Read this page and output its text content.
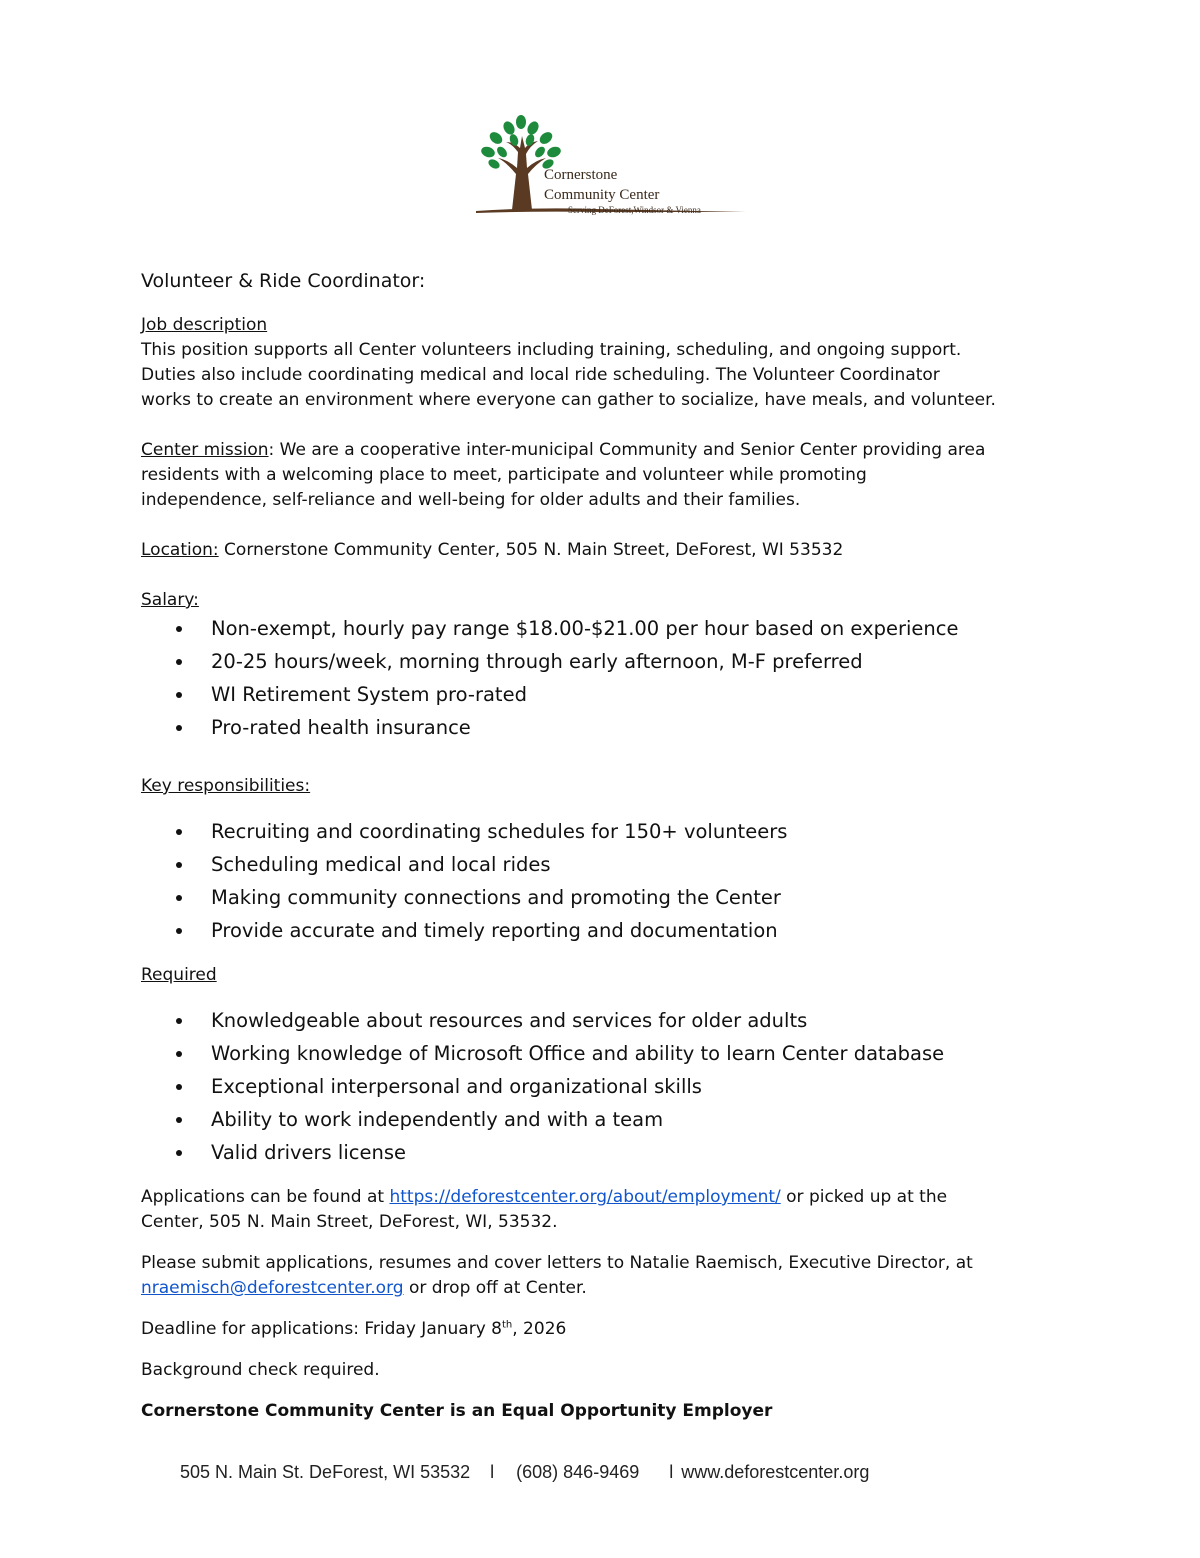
Cornerstone
Community Center
Serving DeForest,Windsor & Vienna
Volunteer & Ride Coordinator:
Job description
This position supports all Center volunteers including training, scheduling, and ongoing support.
Duties also include coordinating medical and local ride scheduling. The Volunteer Coordinator
works to create an environment where everyone can gather to socialize, have meals, and volunteer.
Center mission: We are a cooperative inter-municipal Community and Senior Center providing area
residents with a welcoming place to meet, participate and volunteer while promoting
independence, self-reliance and well-being for older adults and their families.
Location: Cornerstone Community Center, 505 N. Main Street, DeForest, WI 53532
Salary:
Non-exempt, hourly pay range $18.00-$21.00 per hour based on experience
20-25 hours/week, morning through early afternoon, M-F preferred
WI Retirement System pro-rated
Pro-rated health insurance
Key responsibilities:
Recruiting and coordinating schedules for 150+ volunteers
Scheduling medical and local rides
Making community connections and promoting the Center
Provide accurate and timely reporting and documentation
Required
Knowledgeable about resources and services for older adults
Working knowledge of Microsoft Office and ability to learn Center database
Exceptional interpersonal and organizational skills
Ability to work independently and with a team
Valid drivers license
Applications can be found at https://deforestcenter.org/about/employment/ or picked up at the
Center, 505 N. Main Street, DeForest, WI, 53532.
Please submit applications, resumes and cover letters to Natalie Raemisch, Executive Director, at
nraemisch@deforestcenter.org or drop off at Center.
Deadline for applications: Friday January 8th, 2026
Background check required.
Cornerstone Community Center is an Equal Opportunity Employer
505 N. Main St. DeForest, WI 53532 l (608) 846-9469 l www.deforestcenter.org
